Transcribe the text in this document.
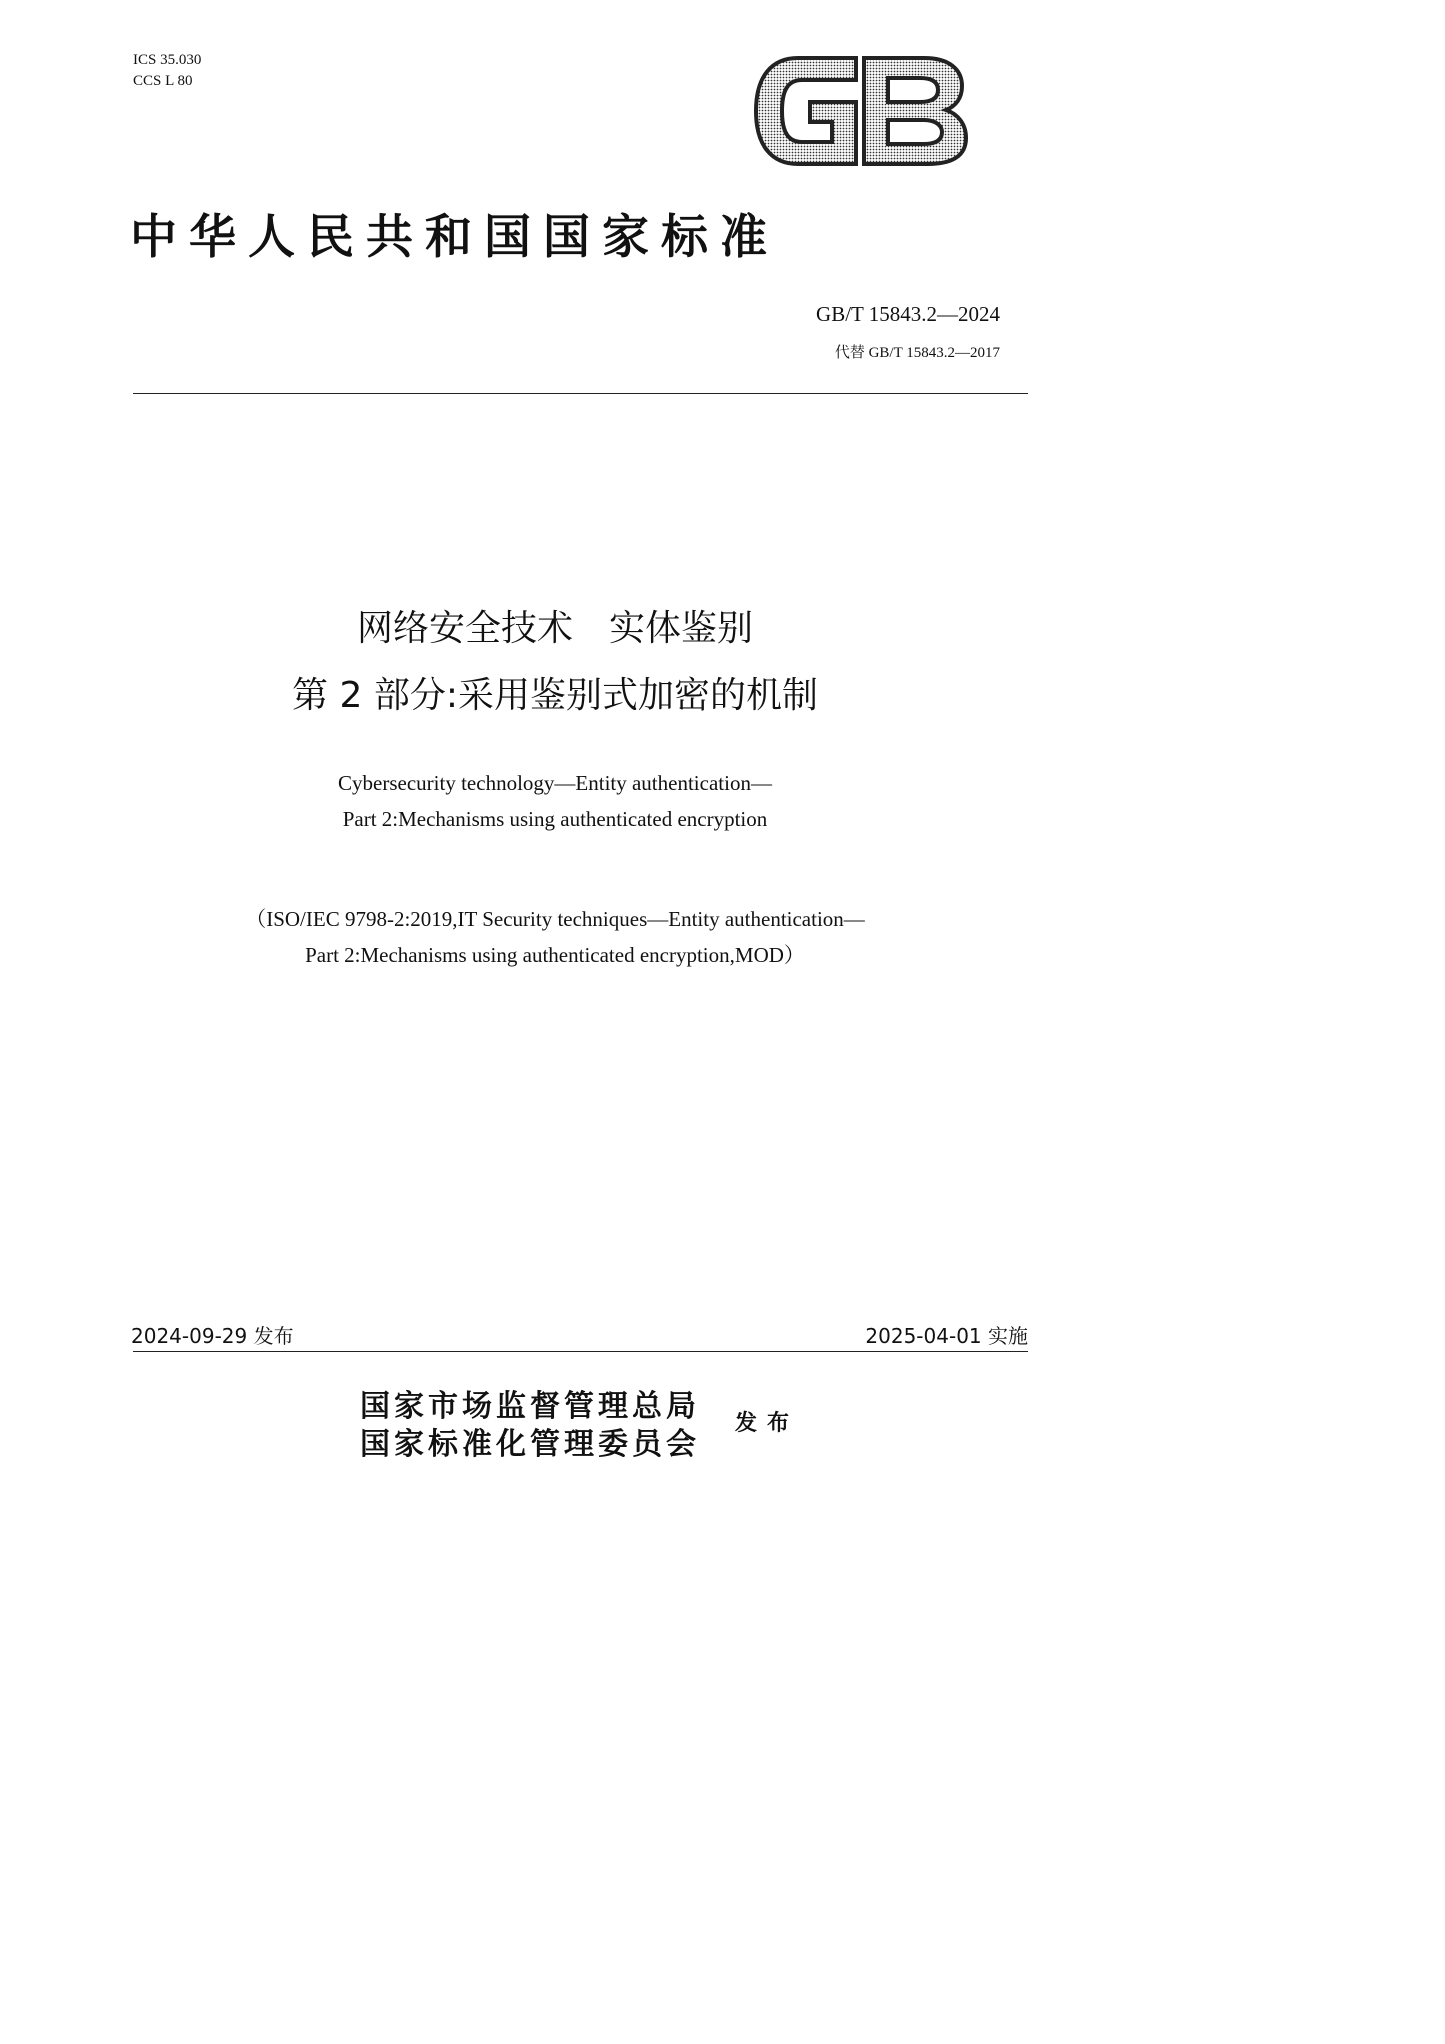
ICS 35.030
CCS L 80
中华人民共和国国家标准
GB/T 15843.2—2024
代替 GB/T 15843.2—2017
网络安全技术　实体鉴别
第 2 部分:采用鉴别式加密的机制
Cybersecurity technology—Entity authentication—
Part 2:Mechanisms using authenticated encryption
（ISO/IEC 9798-2:2019,IT Security techniques—Entity authentication—
Part 2:Mechanisms using authenticated encryption,MOD）
2024-09-29 发布	2025-04-01 实施
国家市场监督管理总局
国家标准化管理委员会
发布
